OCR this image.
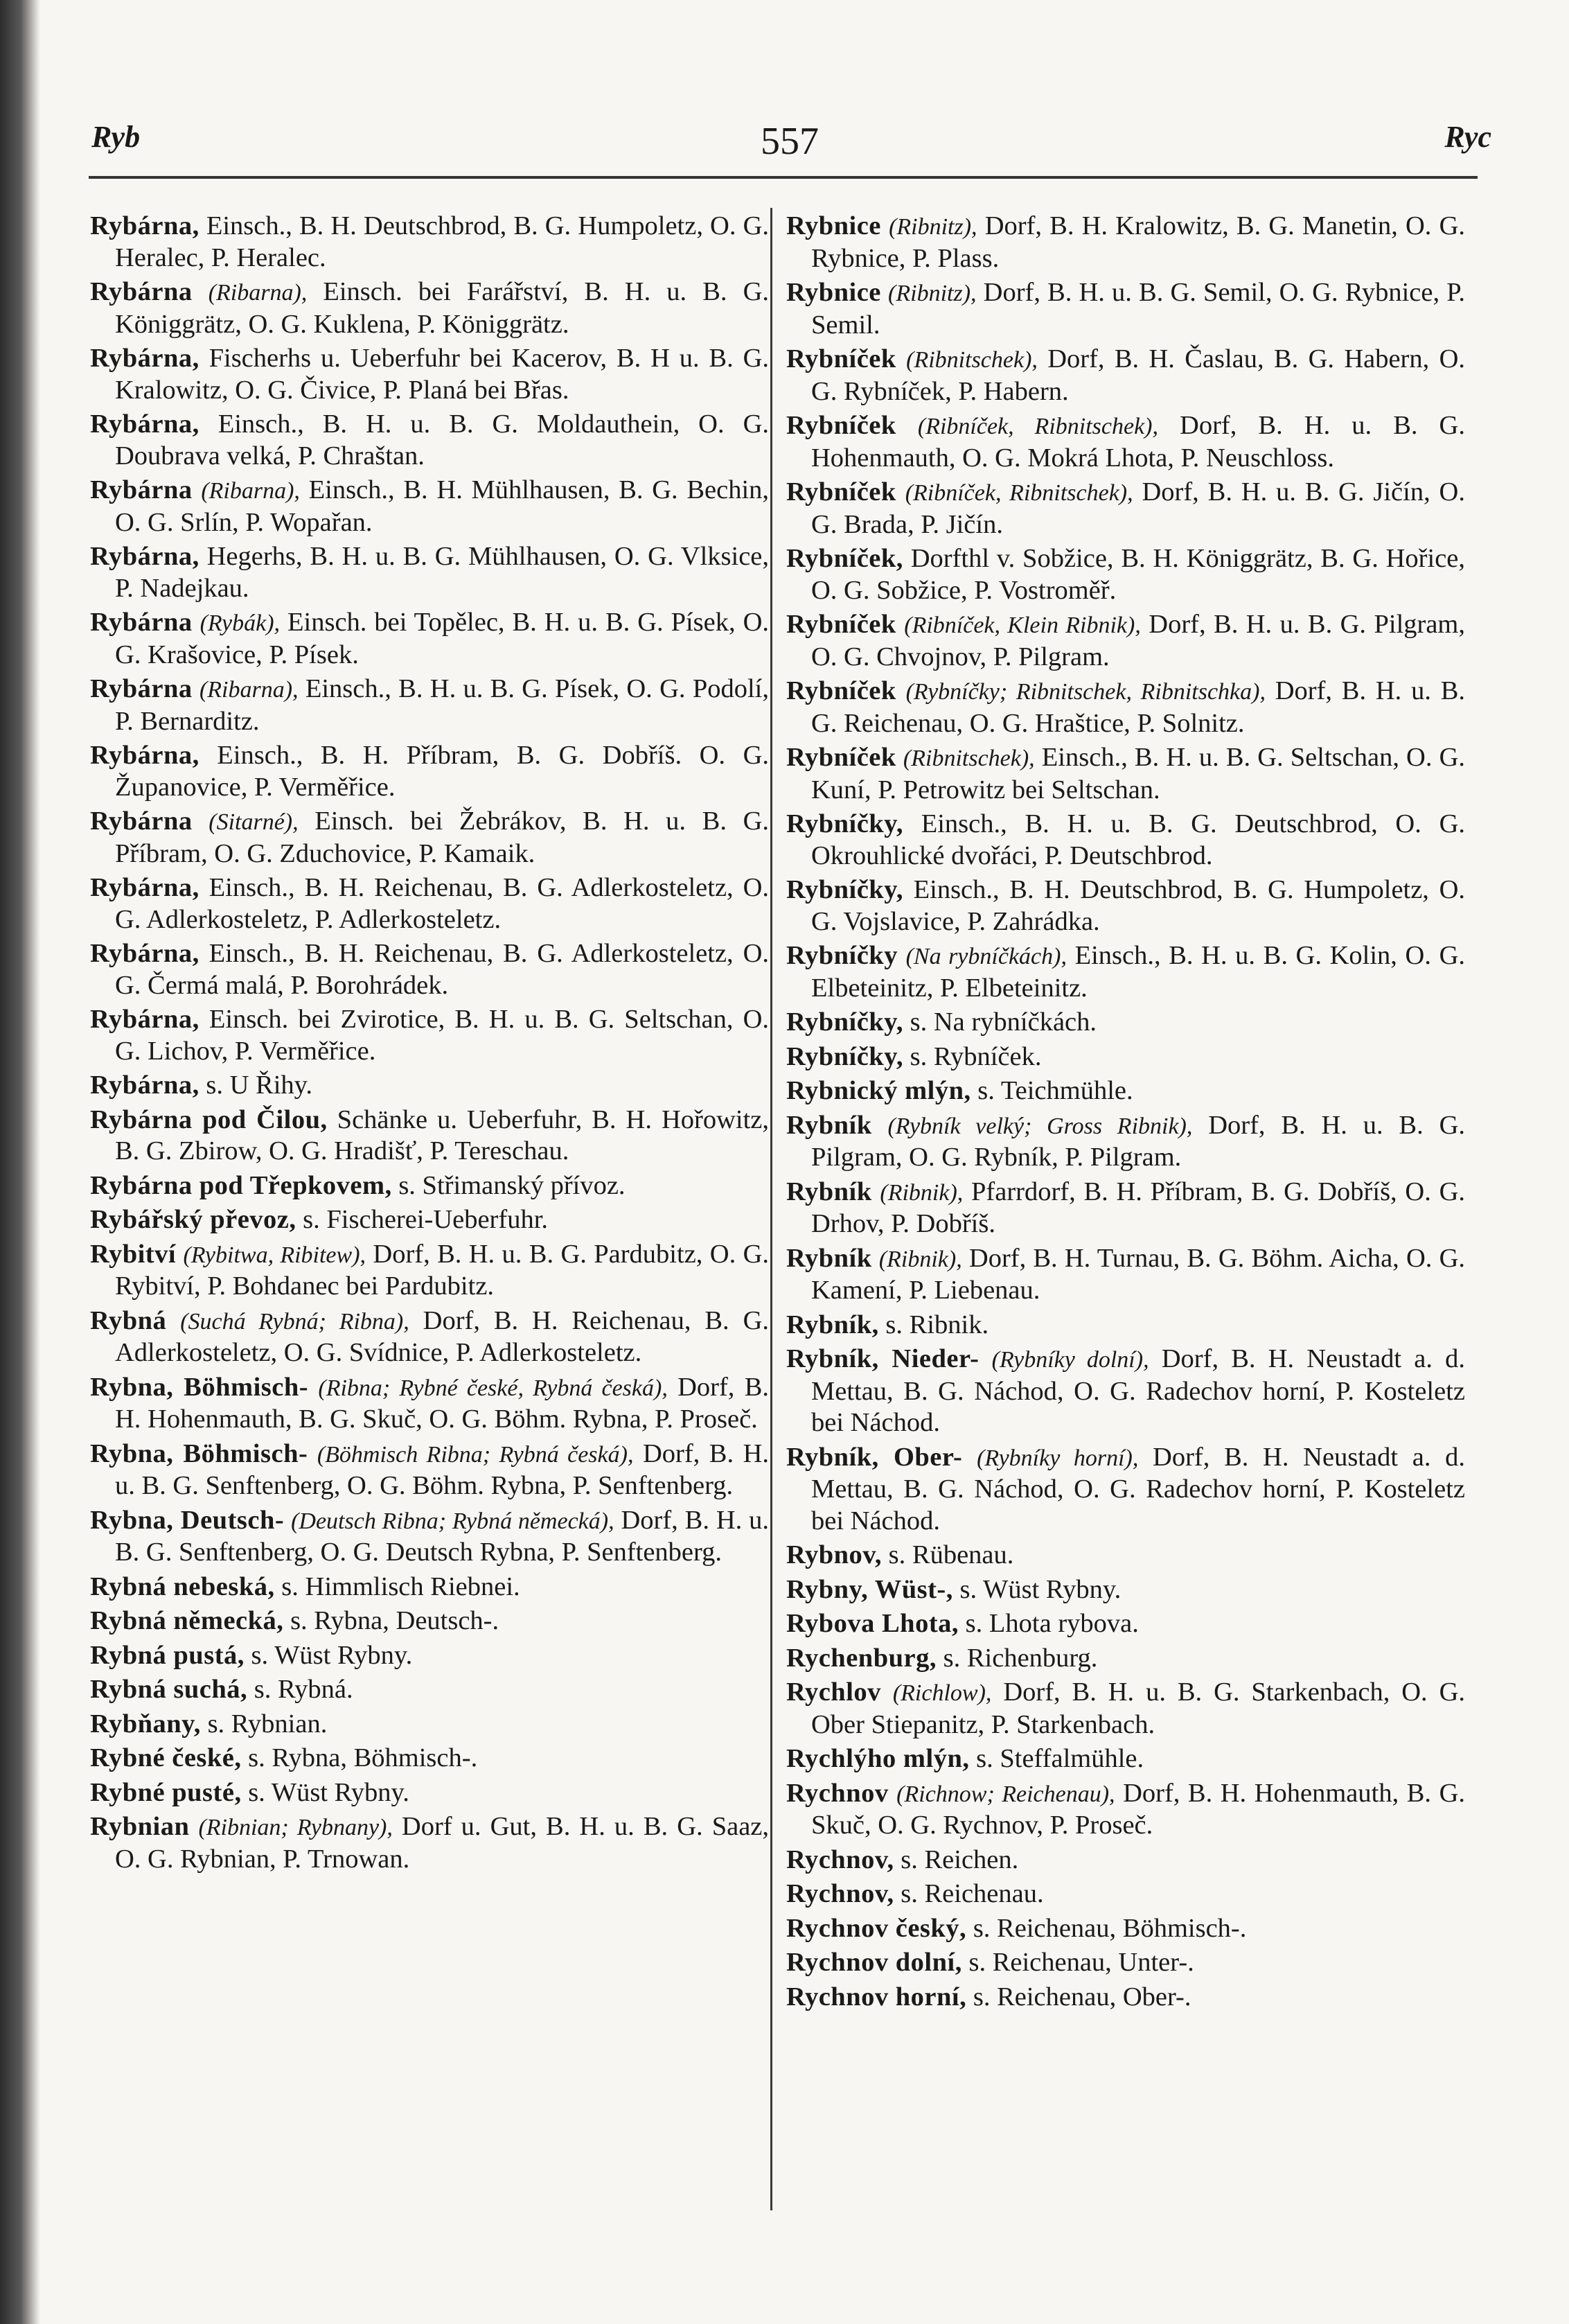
Ryb	557	Ryc

Rybárna, Einsch., B. H. Deutschbrod, B. G. Humpoletz, O. G. Heralec, P. Heralec.

Rybárna (Ribarna), Einsch. bei Farářství, B. H. u. B. G. Königgrätz, O. G. Kuklena, P. Königgrätz.

Rybárna, Fischerhs u. Ueberfuhr bei Kacerov, B. H u. B. G. Kralowitz, O. G. Čivice, P. Planá bei Břas.

Rybárna, Einsch., B. H. u. B. G. Moldauthein, O. G. Doubrava velká, P. Chraštan.

Rybárna (Ribarna), Einsch., B. H. Mühlhausen, B. G. Bechin, O. G. Srlín, P. Wopařan.

Rybárna, Hegerhs, B. H. u. B. G. Mühlhausen, O. G. Vlksice, P. Nadejkau.

Rybárna (Rybák), Einsch. bei Topělec, B. H. u. B. G. Písek, O. G. Krašovice, P. Písek.

Rybárna (Ribarna), Einsch., B. H. u. B. G. Písek, O. G. Podolí, P. Bernarditz.

Rybárna, Einsch., B. H. Příbram, B. G. Dobříš. O. G. Županovice, P. Verměřice.

Rybárna (Sitarné), Einsch. bei Žebrákov, B. H. u. B. G. Příbram, O. G. Zduchovice, P. Kamaik.

Rybárna, Einsch., B. H. Reichenau, B. G. Adlerkosteletz, O. G. Adlerkosteletz, P. Adlerkosteletz.

Rybárna, Einsch., B. H. Reichenau, B. G. Adlerkosteletz, O. G. Čermá malá, P. Borohrádek.

Rybárna, Einsch. bei Zvirotice, B. H. u. B. G. Seltschan, O. G. Lichov, P. Verměřice.

Rybárna, s. U Řihy.

Rybárna pod Čilou, Schänke u. Ueberfuhr, B. H. Hořowitz, B. G. Zbirow, O. G. Hradišť, P. Tereschau.

Rybárna pod Třepkovem, s. Střimanský přívoz.

Rybářský převoz, s. Fischerei-Ueberfuhr.

Rybitví (Rybitwa, Ribitew), Dorf, B. H. u. B. G. Pardubitz, O. G. Rybitví, P. Bohdanec bei Pardubitz.

Rybná (Suchá Rybná; Ribna), Dorf, B. H. Reichenau, B. G. Adlerkosteletz, O. G. Svídnice, P. Adlerkosteletz.

Rybna, Böhmisch- (Ribna; Rybné české, Rybná česká), Dorf, B. H. Hohenmauth, B. G. Skuč, O. G. Böhm. Rybna, P. Proseč.

Rybna, Böhmisch- (Böhmisch Ribna; Rybná česká), Dorf, B. H. u. B. G. Senftenberg, O. G. Böhm. Rybna, P. Senftenberg.

Rybna, Deutsch- (Deutsch Ribna; Rybná německá), Dorf, B. H. u. B. G. Senftenberg, O. G. Deutsch Rybna, P. Senftenberg.

Rybná nebeská, s. Himmlisch Riebnei.

Rybná německá, s. Rybna, Deutsch-.

Rybná pustá, s. Wüst Rybny.

Rybná suchá, s. Rybná.

Rybňany, s. Rybnian.

Rybné české, s. Rybna, Böhmisch-.

Rybné pusté, s. Wüst Rybny.

Rybnian (Ribnian; Rybnany), Dorf u. Gut, B. H. u. B. G. Saaz, O. G. Rybnian, P. Trnowan.

Rybnice (Ribnitz), Dorf, B. H. Kralowitz, B. G. Manetin, O. G. Rybnice, P. Plass.

Rybnice (Ribnitz), Dorf, B. H. u. B. G. Semil, O. G. Rybnice, P. Semil.

Rybníček (Ribnitschek), Dorf, B. H. Časlau, B. G. Habern, O. G. Rybníček, P. Habern.

Rybníček (Ribníček, Ribnitschek), Dorf, B. H. u. B. G. Hohenmauth, O. G. Mokrá Lhota, P. Neuschloss.

Rybníček (Ribníček, Ribnitschek), Dorf, B. H. u. B. G. Jičín, O. G. Brada, P. Jičín.

Rybníček, Dorfthl v. Sobžice, B. H. Königgrätz, B. G. Hořice, O. G. Sobžice, P. Vostroměř.

Rybníček (Ribníček, Klein Ribnik), Dorf, B. H. u. B. G. Pilgram, O. G. Chvojnov, P. Pilgram.

Rybníček (Rybníčky; Ribnitschek, Ribnitschka), Dorf, B. H. u. B. G. Reichenau, O. G. Hraštice, P. Solnitz.

Rybníček (Ribnitschek), Einsch., B. H. u. B. G. Seltschan, O. G. Kuní, P. Petrowitz bei Seltschan.

Rybníčky, Einsch., B. H. u. B. G. Deutschbrod, O. G. Okrouhlické dvořáci, P. Deutschbrod.

Rybníčky, Einsch., B. H. Deutschbrod, B. G. Humpoletz, O. G. Vojslavice, P. Zahrádka.

Rybníčky (Na rybníčkách), Einsch., B. H. u. B. G. Kolin, O. G. Elbeteinitz, P. Elbeteinitz.

Rybníčky, s. Na rybníčkách.

Rybníčky, s. Rybníček.

Rybnický mlýn, s. Teichmühle.

Rybník (Rybník velký; Gross Ribnik), Dorf, B. H. u. B. G. Pilgram, O. G. Rybník, P. Pilgram.

Rybník (Ribnik), Pfarrdorf, B. H. Příbram, B. G. Dobříš, O. G. Drhov, P. Dobříš.

Rybník (Ribnik), Dorf, B. H. Turnau, B. G. Böhm. Aicha, O. G. Kamení, P. Liebenau.

Rybník, s. Ribnik.

Rybník, Nieder- (Rybníky dolní), Dorf, B. H. Neustadt a. d. Mettau, B. G. Náchod, O. G. Radechov horní, P. Kosteletz bei Náchod.

Rybník, Ober- (Rybníky horní), Dorf, B. H. Neustadt a. d. Mettau, B. G. Náchod, O. G. Radechov horní, P. Kosteletz bei Náchod.

Rybnov, s. Rübenau.

Rybny, Wüst-, s. Wüst Rybny.

Rybova Lhota, s. Lhota rybova.

Rychenburg, s. Richenburg.

Rychlov (Richlow), Dorf, B. H. u. B. G. Starkenbach, O. G. Ober Stiepanitz, P. Starkenbach.

Rychlýho mlýn, s. Steffalmühle.

Rychnov (Richnow; Reichenau), Dorf, B. H. Hohenmauth, B. G. Skuč, O. G. Rychnov, P. Proseč.

Rychnov, s. Reichen.

Rychnov, s. Reichenau.

Rychnov český, s. Reichenau, Böhmisch-.

Rychnov dolní, s. Reichenau, Unter-.

Rychnov horní, s. Reichenau, Ober-.
